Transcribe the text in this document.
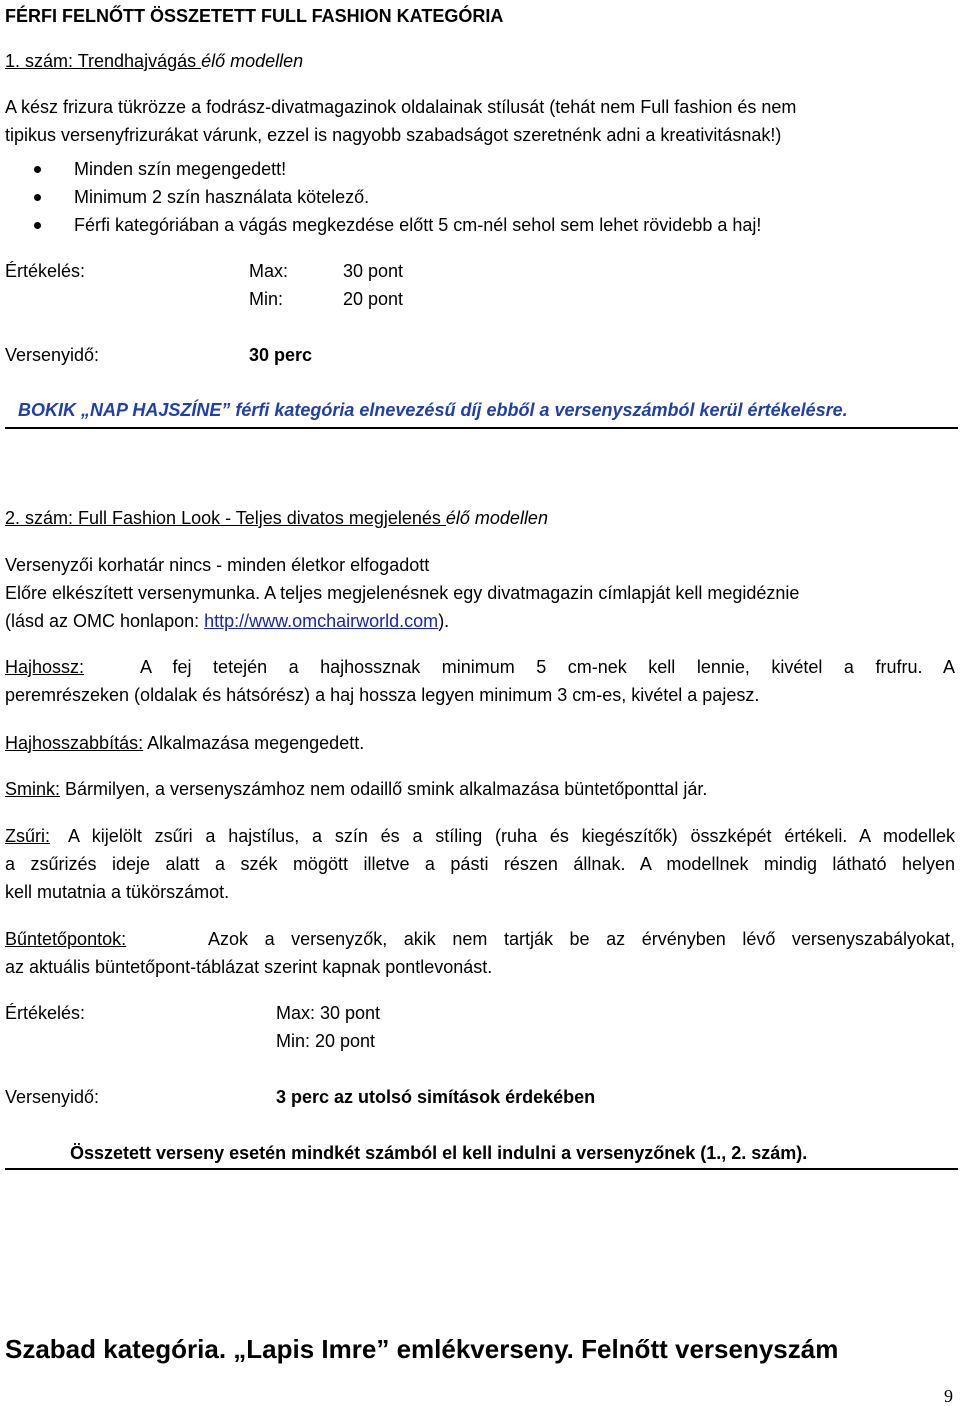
FÉRFI FELNŐTT ÖSSZETETT FULL FASHION KATEGÓRIA
1. szám: Trendhajvágás élő modellen
A kész frizura tükrözze a fodrász-divatmagazinok oldalainak stílusát (tehát nem Full fashion és nem
tipikus versenyfrizurákat várunk, ezzel is nagyobb szabadságot szeretnénk adni a kreativitásnak!)
Minden szín megengedett!
Minimum 2 szín használata kötelező.
Férfi kategóriában a vágás megkezdése előtt 5 cm-nél sehol sem lehet rövidebb a haj!
Értékelés:	Max:	30 pont
Min:	20 pont
Versenyidő:	30 perc
BOKIK „NAP HAJSZÍNE” férfi kategória elnevezésű díj ebből a versenyszámból kerül értékelésre.
2. szám: Full Fashion Look - Teljes divatos megjelenés élő modellen
Versenyzői korhatár nincs - minden életkor elfogadott
Előre elkészített versenymunka. A teljes megjelenésnek egy divatmagazin címlapját kell megidéznie
(lásd az OMC honlapon: http://www.omchairworld.com).
Hajhossz:	A fej tetején a hajhossznak minimum 5 cm-nek kell lennie, kivétel a frufru. A
peremrészeken (oldalak és hátsórész) a haj hossza legyen minimum 3 cm-es, kivétel a pajesz.
Hajhosszabbítás: Alkalmazása megengedett.
Smink: Bármilyen, a versenyszámhoz nem odaillő smink alkalmazása büntetőponttal jár.
Zsűri: A kijelölt zsűri a hajstílus, a szín és a stíling (ruha és kiegészítők) összképét értékeli. A modellek
a zsűrizés ideje alatt a szék mögött illetve a pásti részen állnak. A modellnek mindig látható helyen
kell mutatnia a tükörszámot.
Bűntetőpontok:	Azok a versenyzők, akik nem tartják be az érvényben lévő versenyszabályokat,
az aktuális büntetőpont-táblázat szerint kapnak pontlevonást.
Értékelés:	Max: 30 pont
Min: 20 pont
Versenyidő:	3 perc az utolsó simítások érdekében
Összetett verseny esetén mindkét számból el kell indulni a versenyzőnek (1., 2. szám).
Szabad kategória. „Lapis Imre” emlékverseny. Felnőtt versenyszám
9
